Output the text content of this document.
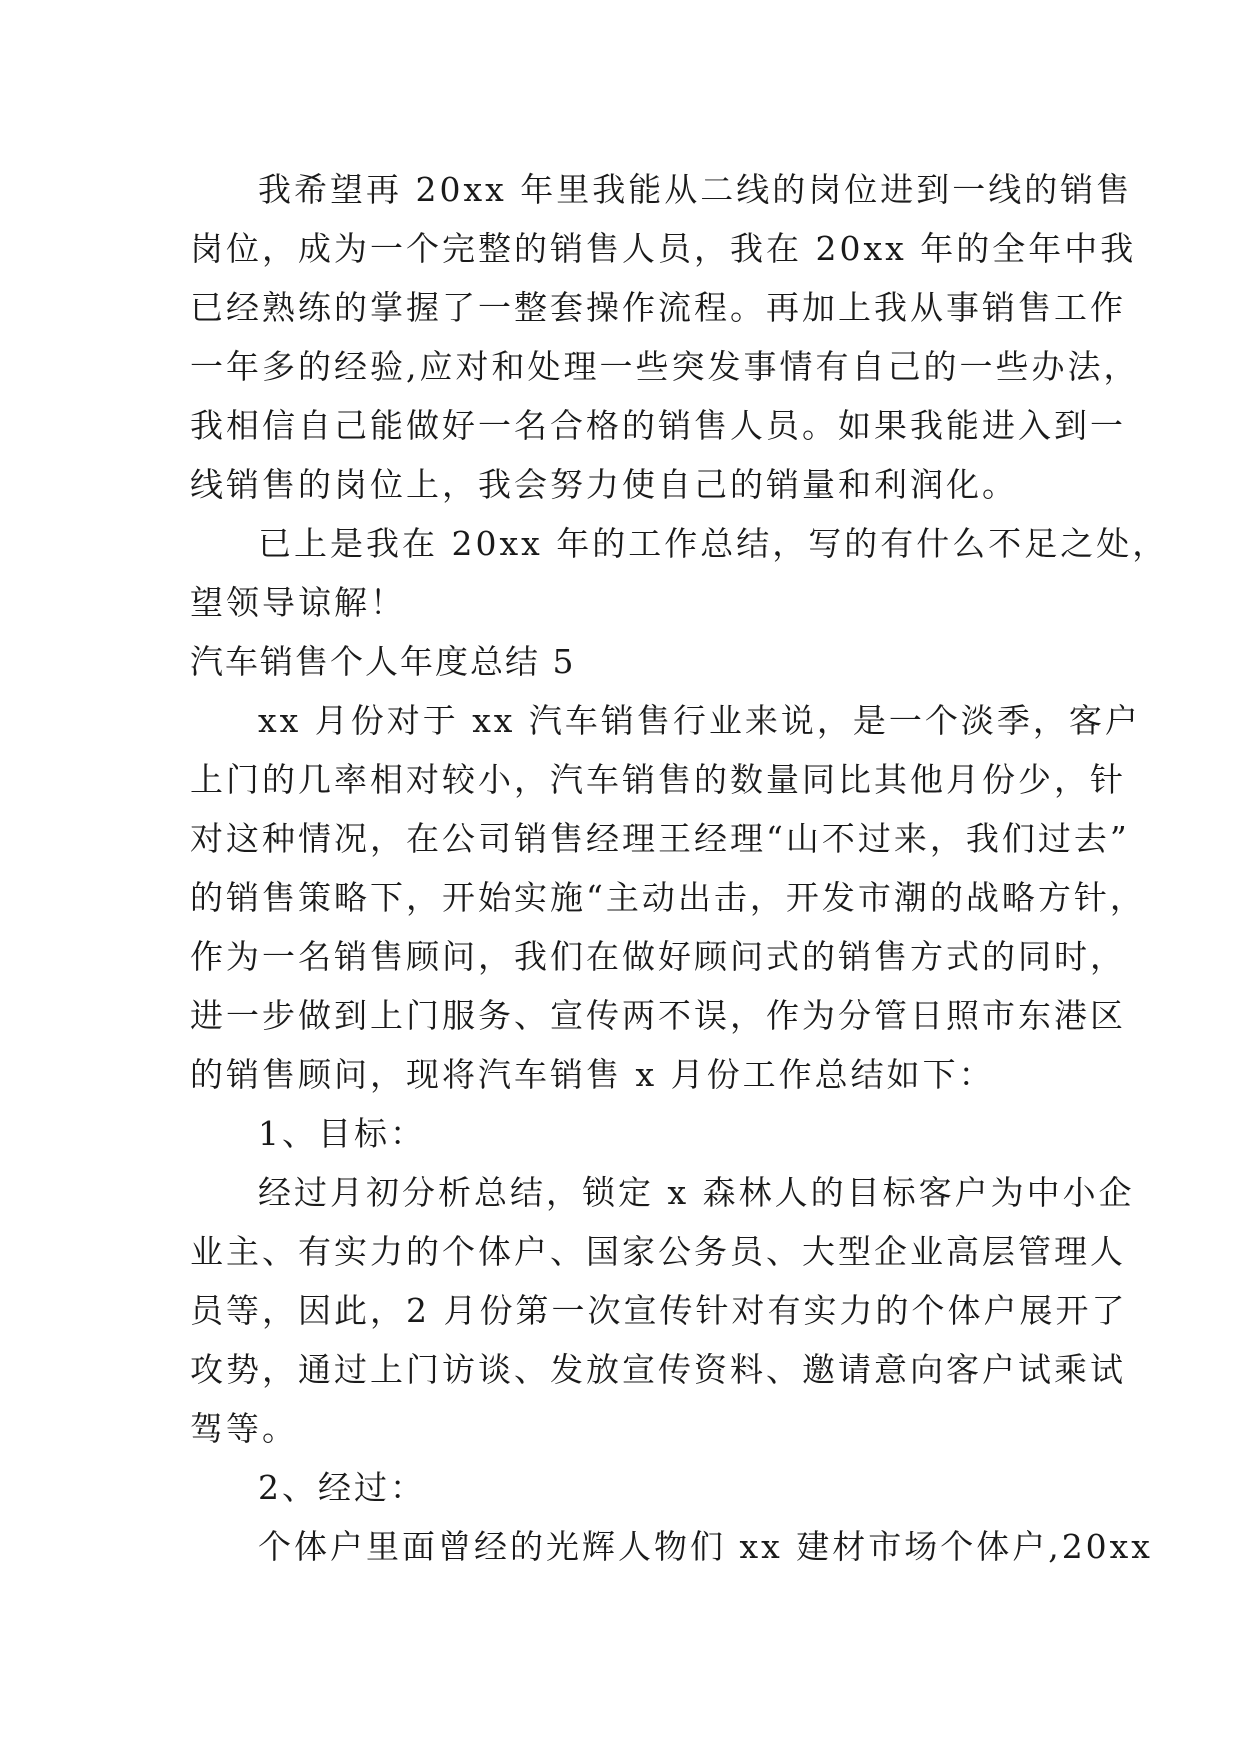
我希望再 20xx 年里我能从二线的岗位进到一线的销售
岗位，成为一个完整的销售人员，我在 20xx 年的全年中我
已经熟练的掌握了一整套操作流程。再加上我从事销售工作
一年多的经验,应对和处理一些突发事情有自己的一些办法，
我相信自己能做好一名合格的销售人员。如果我能进入到一
线销售的岗位上，我会努力使自己的销量和利润化。
已上是我在 20xx 年的工作总结，写的有什么不足之处，
望领导谅解！
汽车销售个人年度总结 5
xx 月份对于 xx 汽车销售行业来说，是一个淡季，客户
上门的几率相对较小，汽车销售的数量同比其他月份少，针
对这种情况，在公司销售经理王经理“山不过来，我们过去”
的销售策略下，开始实施“主动出击，开发市潮的战略方针，
作为一名销售顾问，我们在做好顾问式的销售方式的同时，
进一步做到上门服务、宣传两不误，作为分管日照市东港区
的销售顾问，现将汽车销售 x 月份工作总结如下：
1、目标：
经过月初分析总结，锁定 x 森林人的目标客户为中小企
业主、有实力的个体户、国家公务员、大型企业高层管理人
员等，因此，2 月份第一次宣传针对有实力的个体户展开了
攻势，通过上门访谈、发放宣传资料、邀请意向客户试乘试
驾等。
2、经过：
个体户里面曾经的光辉人物们 xx 建材市场个体户,20xx
